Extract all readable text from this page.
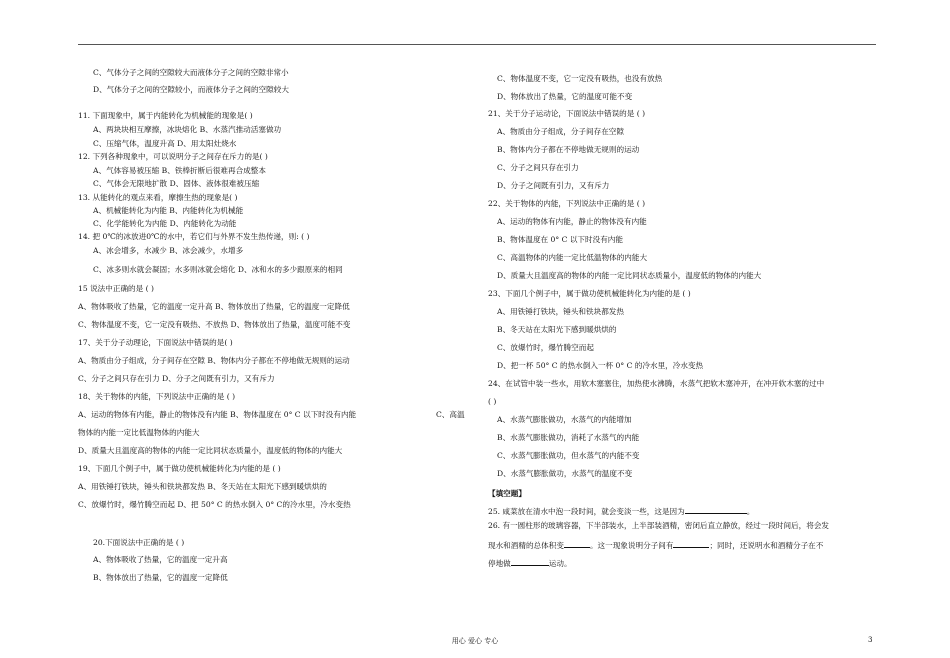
C、气体分子之间的空隙较大而液体分子之间的空隙非常小
D、气体分子之间的空隙较小，而液体分子之间的空隙较大
11. 下面现象中，属于内能转化为机械能的现象是( )
A、两块块相互摩擦，冰块熔化 B、水蒸汽推动活塞做功
C、压缩气体，温度升高 D、用太阳灶烧水
12. 下列各种现象中，可以说明分子之间存在斥力的是( )
A、气体容易被压缩 B、铁棒折断后很难再合成整本
C、气体会无限地扩散 D、固体、液体很难被压缩
13. 从能转化的观点来看，摩擦生热的现象是( )
A、机械能转化为内能 B、内能转化为机械能
C、化学能转化为内能 D、内能转化为动能
14. 把 0℃的冰放进0℃的水中，若它们与外界不发生热传递，则: ( )
A、冰会增多，水减少 B、冰会减少，水增多
C、冰多则水就会凝固；水多则冰就会熔化 D、冰和水的多少跟原来的相同
15 说法中正确的是 ( )
A、物体吸收了热量，它的温度一定升高 B、物体放出了热量，它的温度一定降低
C、物体温度不变，它一定没有吸热、不放热 D、物体放出了热量，温度可能不变
17、关于分子动理论，下面说法中错误的是( )
A、物质由分子组成，分子间存在空隙 B、物体内分子都在不停地做无规则的运动
C、分子之间只存在引力 D、分子之间既有引力，又有斥力
18、关于物体的内能，下列说法中正确的是 ( )
A、运动的物体有内能，静止的物体没有内能 B、物体温度在 0° C 以下时没有内能	C、高温
物体的内能一定比低温物体的内能大
D、质量大且温度高的物体的内能一定比同状态质量小，温度低的物体的内能大
19、下面几个例子中，属于做功使机械能转化为内能的是 ( )
A、用铁锤打铁块，锤头和铁块都发热 B、冬天站在太阳光下感到暖烘烘的
C、放爆竹时，爆竹腾空而起 D、把 50° C 的热水倒入 0° C的冷水里，冷水变热
20.下面说法中正确的是 ( )
A、物体吸收了热量，它的温度一定升高
B、物体放出了热量，它的温度一定降低
C、物体温度不变，它一定没有吸热，也没有放热
D、物体放出了热量，它的温度可能不变
21、关于分子运动论，下面说法中错误的是 ( )
A、物质由分子组成，分子间存在空隙
B、物体内分子都在不停地做无规则的运动
C、分子之间只存在引力
D、分子之间既有引力，又有斥力
22、关于物体的内能，下列说法中正确的是 ( )
A、运动的物体有内能，静止的物体没有内能
B、物体温度在 0° C 以下时没有内能
C、高温物体的内能一定比低温物体的内能大
D、质量大且温度高的物体的内能一定比同状态质量小，温度低的物体的内能大
23、下面几个例子中，属于做功使机械能转化为内能的是 ( )
A、用铁锤打铁块，锤头和铁块都发热
B、冬天站在太阳光下感到暖烘烘的
C、放爆竹时，爆竹腾空而起
D、把一杯 50° C 的热水倒入一杯 0° C 的冷水里，冷水变热
24、在试管中装一些水，用软木塞塞住，加热使水沸腾，水蒸气把软木塞冲开，在冲开软木塞的过中
( )
A、水蒸气膨胀做功，水蒸气的内能增加
B、水蒸气膨胀做功，消耗了水蒸气的内能
C、水蒸气膨胀做功，但水蒸气的内能不变
D、水蒸气膨胀做功，水蒸气的温度不变
【填空题】
25. 咸菜放在清水中泡一段时间，就会变淡一些，这是因为	。
26. 有一圆柱形的玻璃容器，下半部装水，上半部装酒精，密闭后直立静放，经过一段时间后，将会发
现水和酒精的总体积变	。这一现象说明分子间有	；同时，还说明水和酒精分子在不
停地做	运动。
用心 爱心 专心	3
